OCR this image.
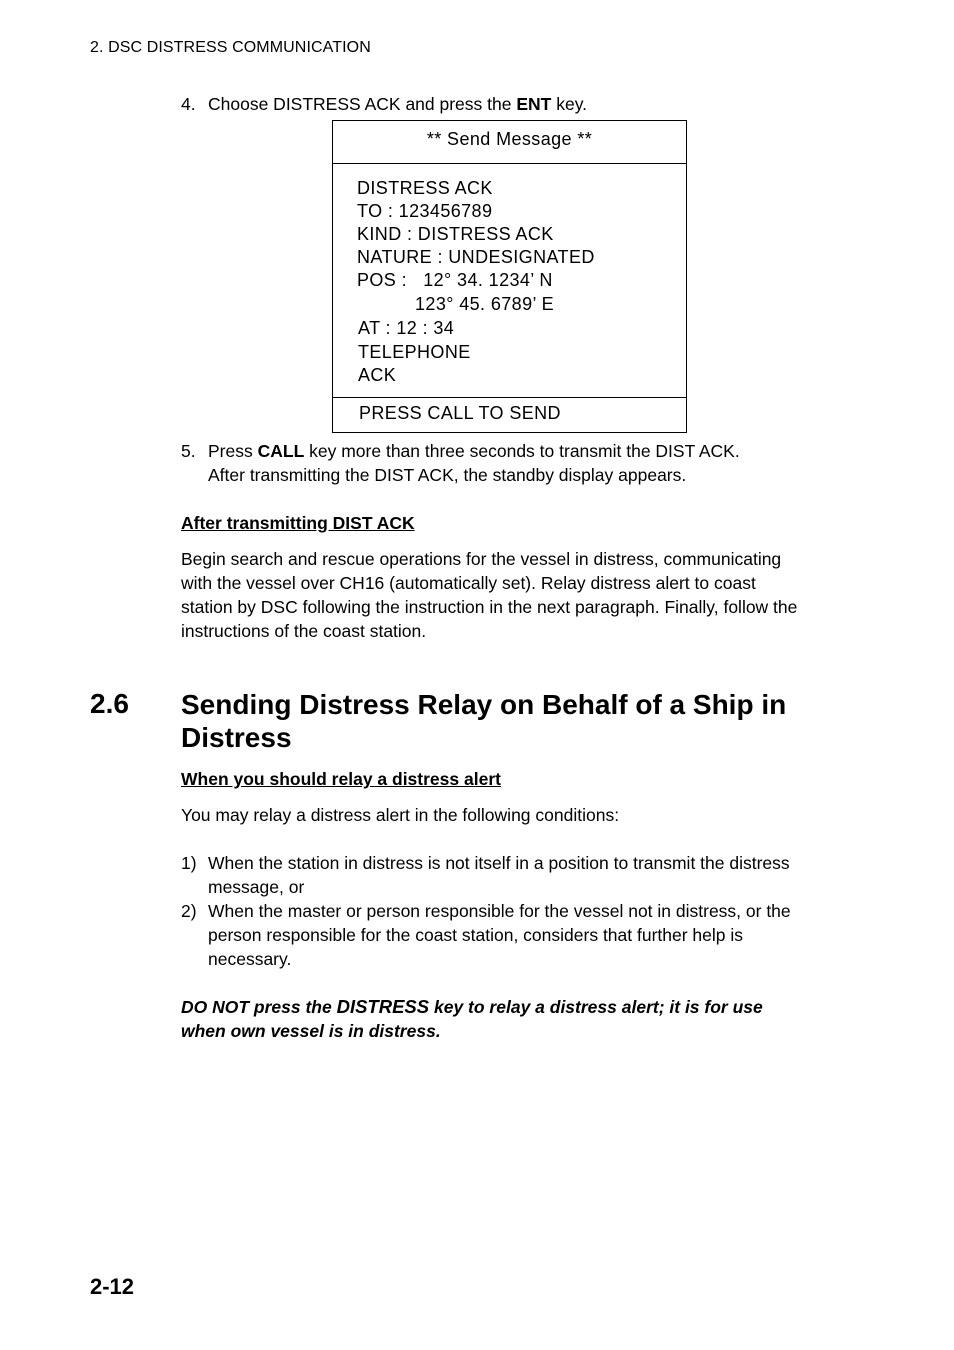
2. DSC DISTRESS COMMUNICATION
4. Choose DISTRESS ACK and press the ENT key.
** Send Message **
DISTRESS ACK
TO : 123456789
KIND : DISTRESS ACK
NATURE : UNDESIGNATED
POS :   12° 34. 1234’ N
123° 45. 6789’ E
AT : 12 : 34
TELEPHONE
ACK
PRESS CALL TO SEND
5. Press CALL key more than three seconds to transmit the DIST ACK.
After transmitting the DIST ACK, the standby display appears.
After transmitting DIST ACK
Begin search and rescue operations for the vessel in distress, communicating
with the vessel over CH16 (automatically set). Relay distress alert to coast
station by DSC following the instruction in the next paragraph. Finally, follow the
instructions of the coast station.
2.6 Sending Distress Relay on Behalf of a Ship in
Distress
When you should relay a distress alert
You may relay a distress alert in the following conditions:
1) When the station in distress is not itself in a position to transmit the distress
message, or
2) When the master or person responsible for the vessel not in distress, or the
person responsible for the coast station, considers that further help is
necessary.
DO NOT press the DISTRESS key to relay a distress alert; it is for use
when own vessel is in distress.
2-12
